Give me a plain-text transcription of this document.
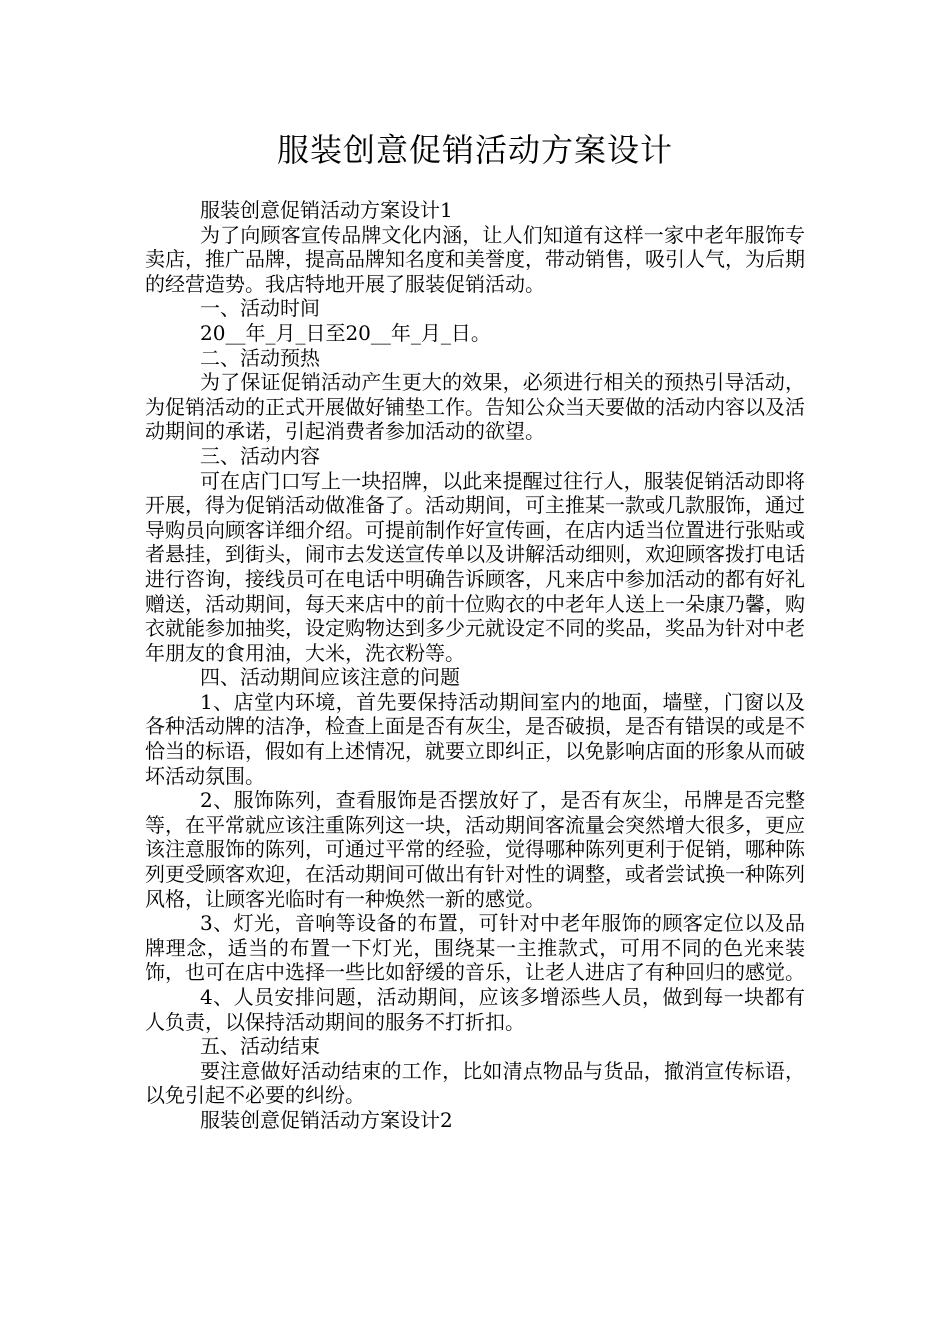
服装创意促销活动方案设计

服装创意促销活动方案设计1

为了向顾客宣传品牌文化内涵，让人们知道有这样一家中老年服饰专卖店，推广品牌，提高品牌知名度和美誉度，带动销售，吸引人气，为后期的经营造势。我店特地开展了服装促销活动。

一、活动时间

20__年_月_日至20__年_月_日。

二、活动预热

为了保证促销活动产生更大的效果，必须进行相关的预热引导活动，为促销活动的正式开展做好铺垫工作。告知公众当天要做的活动内容以及活动期间的承诺，引起消费者参加活动的欲望。

三、活动内容

可在店门口写上一块招牌，以此来提醒过往行人，服装促销活动即将开展，得为促销活动做准备了。活动期间，可主推某一款或几款服饰，通过导购员向顾客详细介绍。可提前制作好宣传画，在店内适当位置进行张贴或者悬挂，到街头，闹市去发送宣传单以及讲解活动细则，欢迎顾客拨打电话进行咨询，接线员可在电话中明确告诉顾客，凡来店中参加活动的都有好礼赠送，活动期间，每天来店中的前十位购衣的中老年人送上一朵康乃馨，购衣就能参加抽奖，设定购物达到多少元就设定不同的奖品，奖品为针对中老年朋友的食用油，大米，洗衣粉等。

四、活动期间应该注意的问题

1、店堂内环境，首先要保持活动期间室内的地面，墙壁，门窗以及各种活动牌的洁净，检查上面是否有灰尘，是否破损，是否有错误的或是不恰当的标语，假如有上述情况，就要立即纠正，以免影响店面的形象从而破坏活动氛围。

2、服饰陈列，查看服饰是否摆放好了，是否有灰尘，吊牌是否完整等，在平常就应该注重陈列这一块，活动期间客流量会突然增大很多，更应该注意服饰的陈列，可通过平常的经验，觉得哪种陈列更利于促销，哪种陈列更受顾客欢迎，在活动期间可做出有针对性的调整，或者尝试换一种陈列风格，让顾客光临时有一种焕然一新的感觉。

3、灯光，音响等设备的布置，可针对中老年服饰的顾客定位以及品牌理念，适当的布置一下灯光，围绕某一主推款式，可用不同的色光来装饰，也可在店中选择一些比如舒缓的音乐，让老人进店了有种回归的感觉。

4、人员安排问题，活动期间，应该多增添些人员，做到每一块都有人负责，以保持活动期间的服务不打折扣。

五、活动结束

要注意做好活动结束的工作，比如清点物品与货品，撤消宣传标语，以免引起不必要的纠纷。

服装创意促销活动方案设计2
